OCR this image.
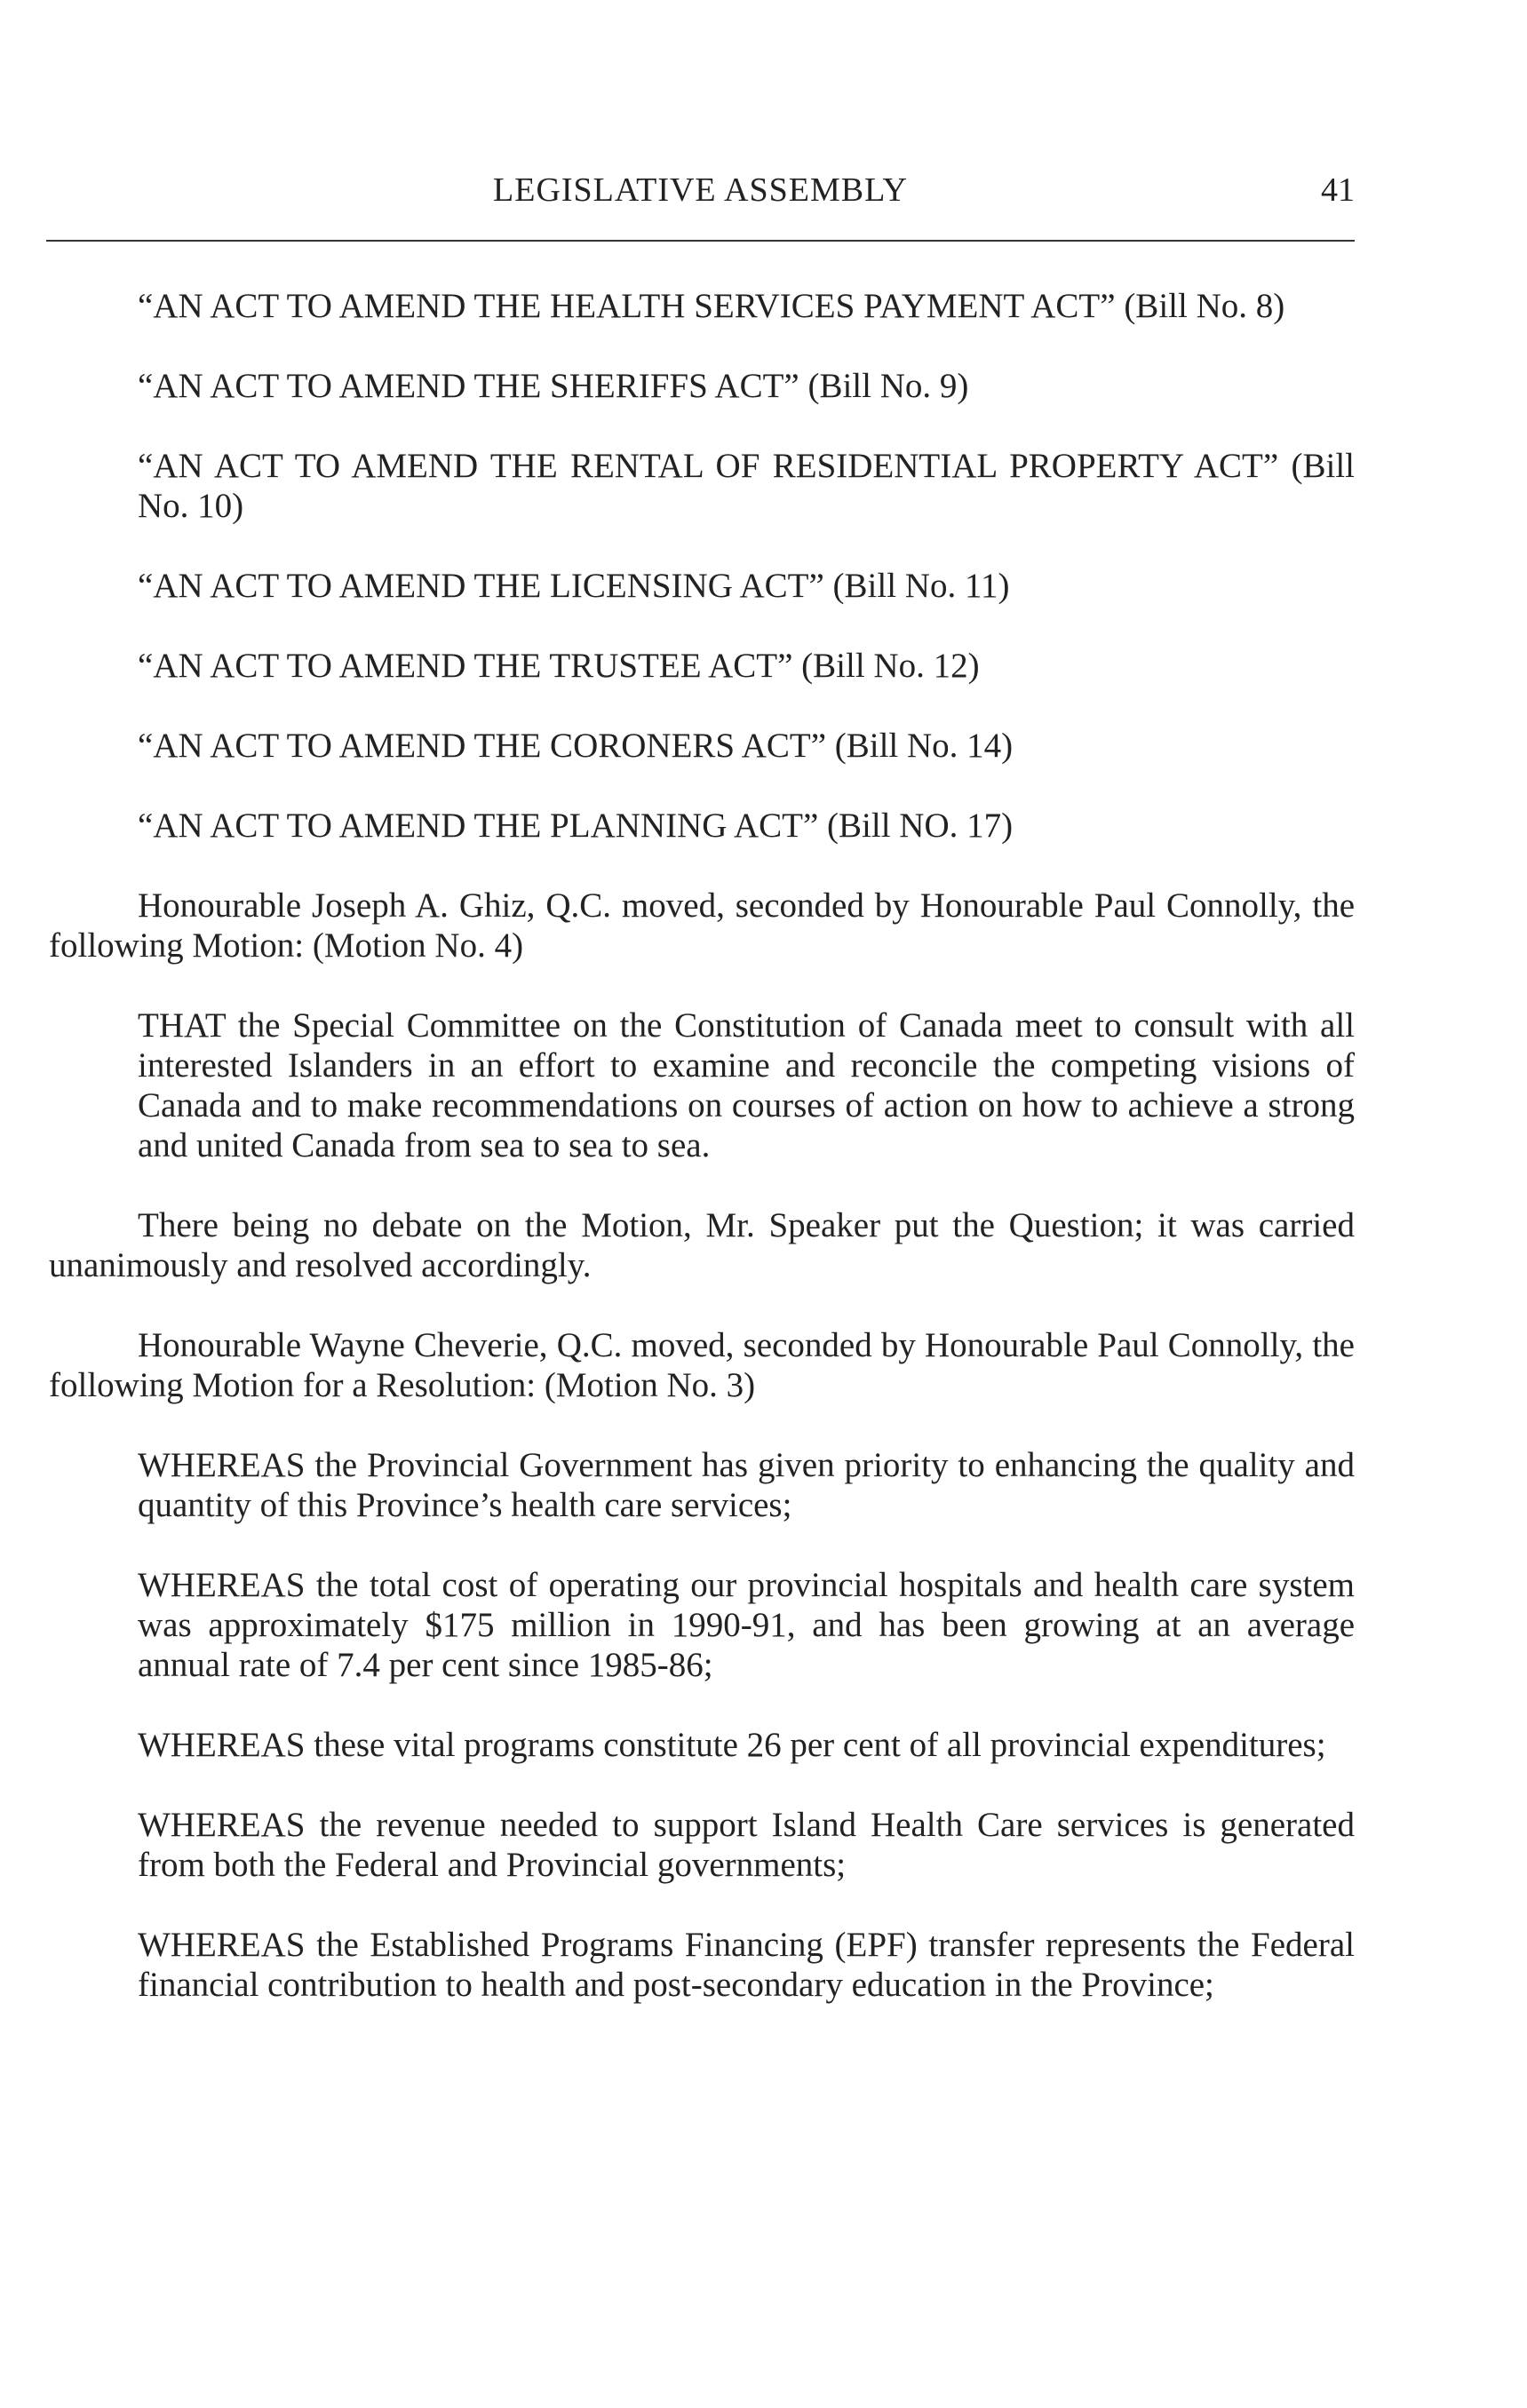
LEGISLATIVE ASSEMBLY	41

“AN ACT TO AMEND THE HEALTH SERVICES PAYMENT ACT” (Bill No. 8)

“AN ACT TO AMEND THE SHERIFFS ACT” (Bill No. 9)

“AN ACT TO AMEND THE RENTAL OF RESIDENTIAL PROPERTY ACT” (Bill No. 10)

“AN ACT TO AMEND THE LICENSING ACT” (Bill No. 11)

“AN ACT TO AMEND THE TRUSTEE ACT” (Bill No. 12)

“AN ACT TO AMEND THE CORONERS ACT” (Bill No. 14)

“AN ACT TO AMEND THE PLANNING ACT” (Bill NO. 17)

Honourable Joseph A. Ghiz, Q.C. moved, seconded by Honourable Paul Connolly, the following Motion: (Motion No. 4)

THAT the Special Committee on the Constitution of Canada meet to consult with all interested Islanders in an effort to examine and reconcile the competing visions of Canada and to make recommendations on courses of action on how to achieve a strong and united Canada from sea to sea to sea.

There being no debate on the Motion, Mr. Speaker put the Question; it was carried unanimously and resolved accordingly.

Honourable Wayne Cheverie, Q.C. moved, seconded by Honourable Paul Connolly, the following Motion for a Resolution: (Motion No. 3)

WHEREAS the Provincial Government has given priority to enhancing the quality and quantity of this Province’s health care services;

WHEREAS the total cost of operating our provincial hospitals and health care system was approximately $175 million in 1990-91, and has been growing at an average annual rate of 7.4 per cent since 1985-86;

WHEREAS these vital programs constitute 26 per cent of all provincial expenditures;

WHEREAS the revenue needed to support Island Health Care services is generated from both the Federal and Provincial governments;

WHEREAS the Established Programs Financing (EPF) transfer represents the Federal financial contribution to health and post-secondary education in the Province;
